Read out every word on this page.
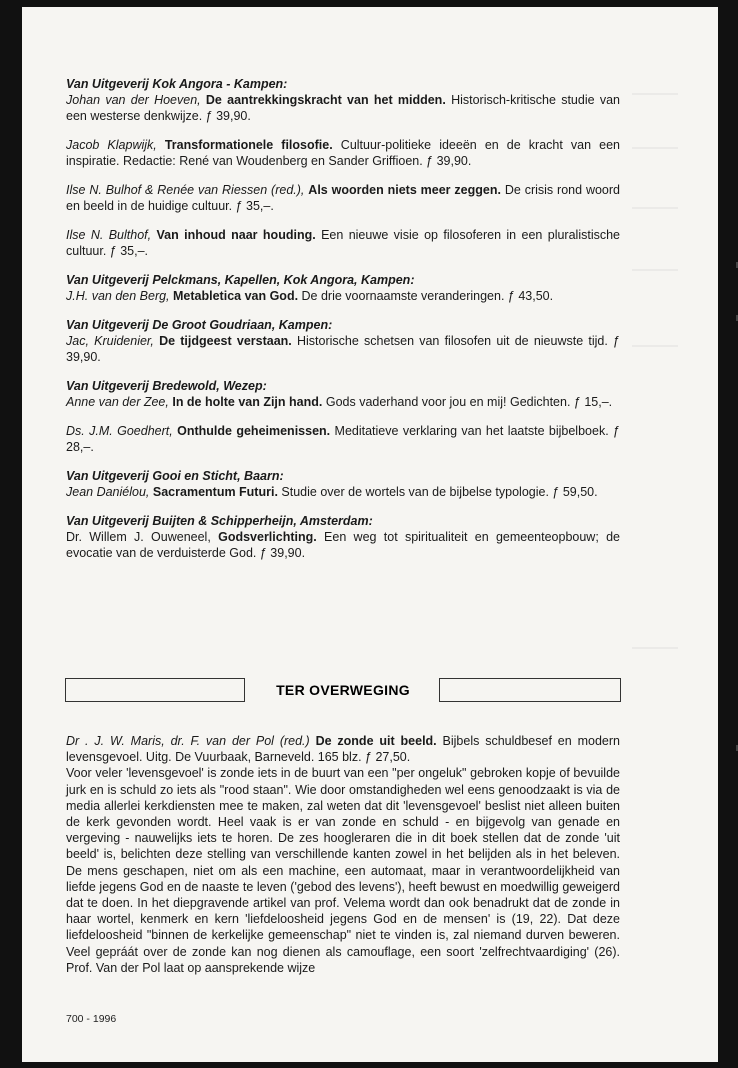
Van Uitgeverij Kok Angora - Kampen:

Johan van der Hoeven, De aantrekkingskracht van het midden. Historisch-kritische studie van een westerse denkwijze. ƒ 39,90.

Jacob Klapwijk, Transformationele filosofie. Cultuur-politieke ideeën en de kracht van een inspiratie. Redactie: René van Woudenberg en Sander Griffioen. ƒ 39,90.

Ilse N. Bulhof & Renée van Riessen (red.), Als woorden niets meer zeggen. De crisis rond woord en beeld in de huidige cultuur. ƒ 35,–.

Ilse N. Bulthof, Van inhoud naar houding. Een nieuwe visie op filosoferen in een pluralistische cultuur. ƒ 35,–.

Van Uitgeverij Pelckmans, Kapellen, Kok Angora, Kampen:

J.H. van den Berg, Metabletica van God. De drie voornaamste veranderingen. ƒ 43,50.

Van Uitgeverij De Groot Goudriaan, Kampen:

Jac, Kruidenier, De tijdgeest verstaan. Historische schetsen van filosofen uit de nieuwste tijd. ƒ 39,90.

Van Uitgeverij Bredewold, Wezep:

Anne van der Zee, In de holte van Zijn hand. Gods vaderhand voor jou en mij! Gedichten. ƒ 15,–.

Ds. J.M. Goedhert, Onthulde geheimenissen. Meditatieve verklaring van het laatste bijbelboek. ƒ 28,–.

Van Uitgeverij Gooi en Sticht, Baarn:

Jean Daniélou, Sacramentum Futuri. Studie over de wortels van de bijbelse typologie. ƒ 59,50.

Van Uitgeverij Buijten & Schipperheijn, Amsterdam:

Dr. Willem J. Ouweneel, Godsverlichting. Een weg tot spiritualiteit en gemeenteopbouw; de evocatie van de verduisterde God. ƒ 39,90.

TER OVERWEGING
Dr . J. W. Maris, dr. F. van der Pol (red.) De zonde uit beeld. Bijbels schuldbesef en modern levensgevoel. Uitg. De Vuurbaak, Barneveld. 165 blz. ƒ 27,50.
Voor veler 'levensgevoel' is zonde iets in de buurt van een "per ongeluk" gebroken kopje of bevuilde jurk en is schuld zo iets als "rood staan". Wie door omstandigheden wel eens genoodzaakt is via de media allerlei kerkdiensten mee te maken, zal weten dat dit 'levensgevoel' beslist niet alleen buiten de kerk gevonden wordt. Heel vaak is er van zonde en schuld - en bijgevolg van genade en vergeving - nauwelijks iets te horen. De zes hoogleraren die in dit boek stellen dat de zonde 'uit beeld' is, belichten deze stelling van verschillende kanten zowel in het belijden als in het beleven. De mens geschapen, niet om als een machine, een automaat, maar in verantwoordelijkheid van liefde jegens God en de naaste te leven ('gebod des levens'), heeft bewust en moedwillig geweigerd dat te doen. In het diepgravende artikel van prof. Velema wordt dan ook benadrukt dat de zonde in haar wortel, kenmerk en kern 'liefdeloosheid jegens God en de mensen' is (19, 22). Dat deze liefdeloosheid "binnen de kerkelijke gemeenschap" niet te vinden is, zal niemand durven beweren. Veel gepráát over de zonde kan nog dienen als camouflage, een soort 'zelfrechtvaardiging' (26). Prof. Van der Pol laat op aansprekende wijze
700 - 1996
